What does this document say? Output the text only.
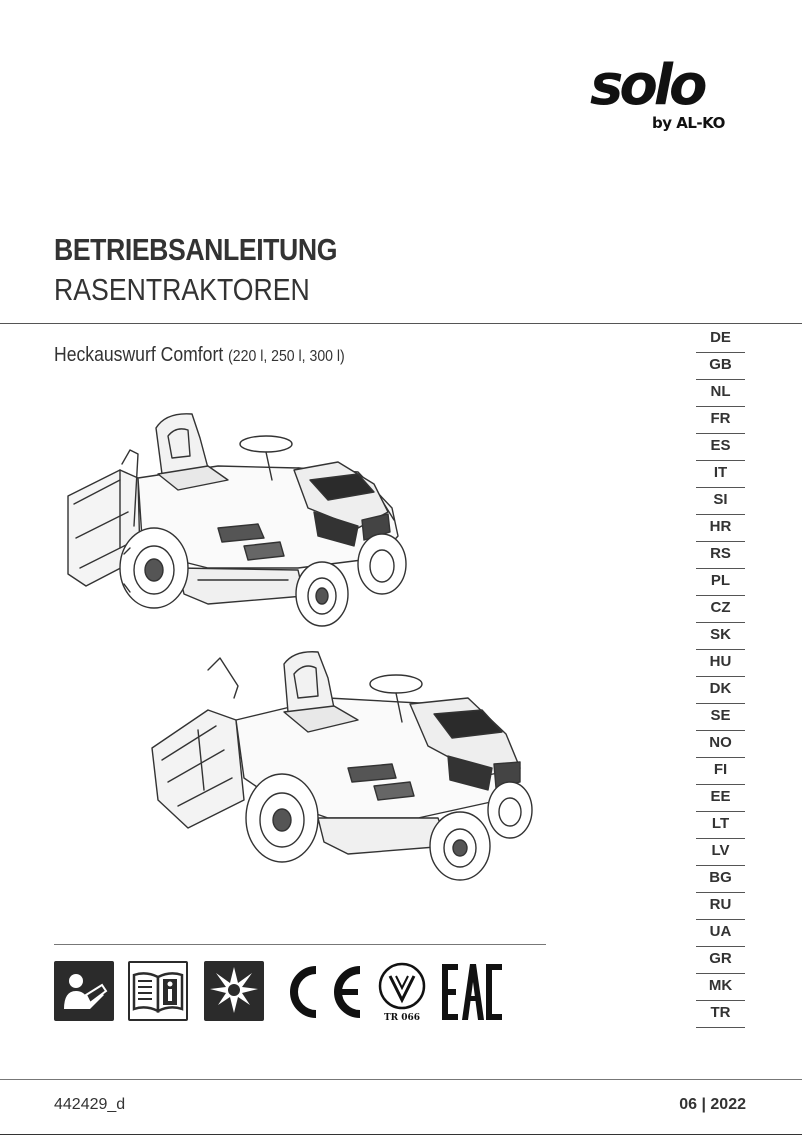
solo
by AL-KO
BETRIEBSANLEITUNG
RASENTRAKTOREN
Heckauswurf Comfort (220 l, 250 l, 300 l)
DE
GB
NL
FR
ES
IT
SI
HR
RS
PL
CZ
SK
HU
DK
SE
NO
FI
EE
LT
LV
BG
RU
UA
GR
MK
TR
TR 066
442429_d	06 | 2022
